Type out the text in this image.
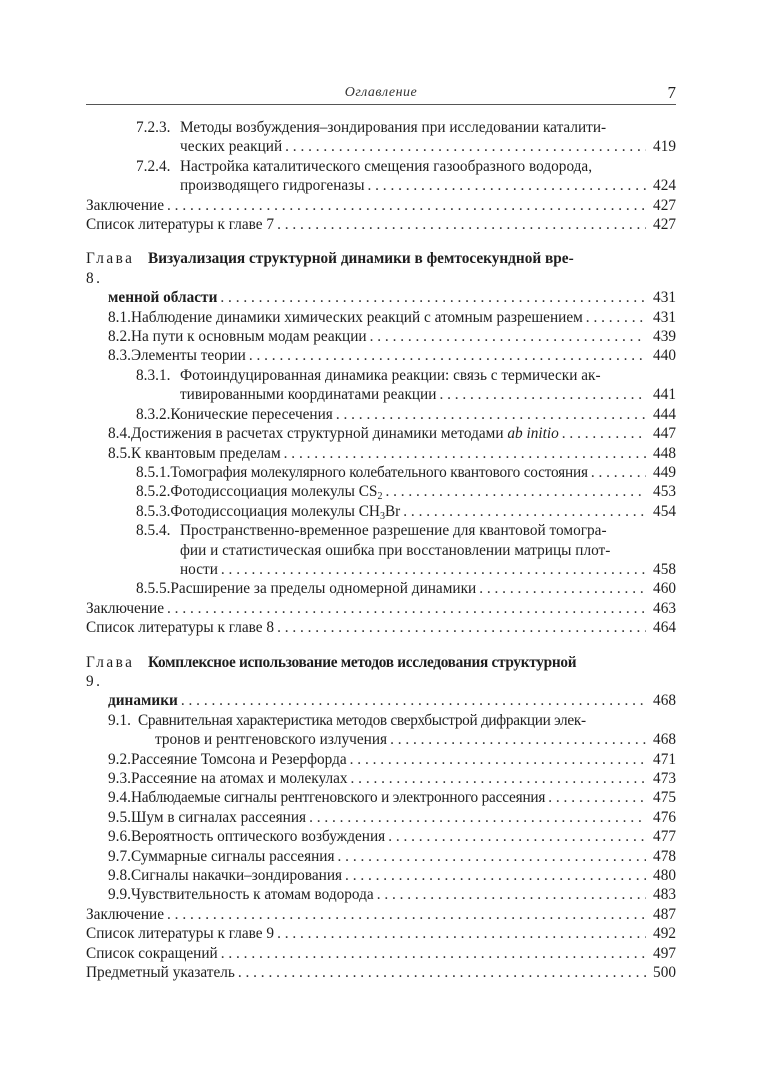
Оглавление	7
7.2.3. Методы возбуждения–зондирования при исследовании каталити-
ческих реакций . . .	419
7.2.4. Настройка каталитического смещения газообразного водорода,
производящего гидрогеназы . . .	424
Заключение . . .	427
Список литературы к главе 7 . . .	427
Глава 8.
Визуализация структурной динамики в фемтосекундной вре-
менной области . . .	431
8.1. Наблюдение динамики химических реакций с атомным разрешением . . .	431
8.2. На пути к основным модам реакции . . .	439
8.3. Элементы теории . . .	440
8.3.1. Фотоиндуцированная динамика реакции: связь с термически ак-
тивированными координатами реакции . . .	441
8.3.2. Конические пересечения . . .	444
8.4. Достижения в расчетах структурной динамики методами ab initio . . .	447
8.5. К квантовым пределам . . .	448
8.5.1. Томография молекулярного колебательного квантового состояния . . .	449
8.5.2. Фотодиссоциация молекулы $CS_2$ . . .	453
8.5.3. Фотодиссоциация молекулы $CH_3Br$ . . .	454
8.5.4. Пространственно-временное разрешение для квантовой томогра-
фии и статистическая ошибка при восстановлении матрицы плот-
ности . . .	458
8.5.5. Расширение за пределы одномерной динамики . . .	460
Заключение . . .	463
Список литературы к главе 8 . . .	464
Глава 9.
Комплексное использование методов исследования структурной
динамики . . .	468
9.1. Сравнительная характеристика методов сверхбыстрой дифракции элек-
тронов и рентгеновского излучения . . .	468
9.2. Рассеяние Томсона и Резерфорда . . .	471
9.3. Рассеяние на атомах и молекулах . . .	473
9.4. Наблюдаемые сигналы рентгеновского и электронного рассеяния . . .	475
9.5. Шум в сигналах рассеяния . . .	476
9.6. Вероятность оптического возбуждения . . .	477
9.7. Суммарные сигналы рассеяния . . .	478
9.8. Сигналы накачки–зондирования . . .	480
9.9. Чувствительность к атомам водорода . . .	483
Заключение . . .	487
Список литературы к главе 9 . . .	492
Список сокращений . . .	497
Предметный указатель . . .	500
